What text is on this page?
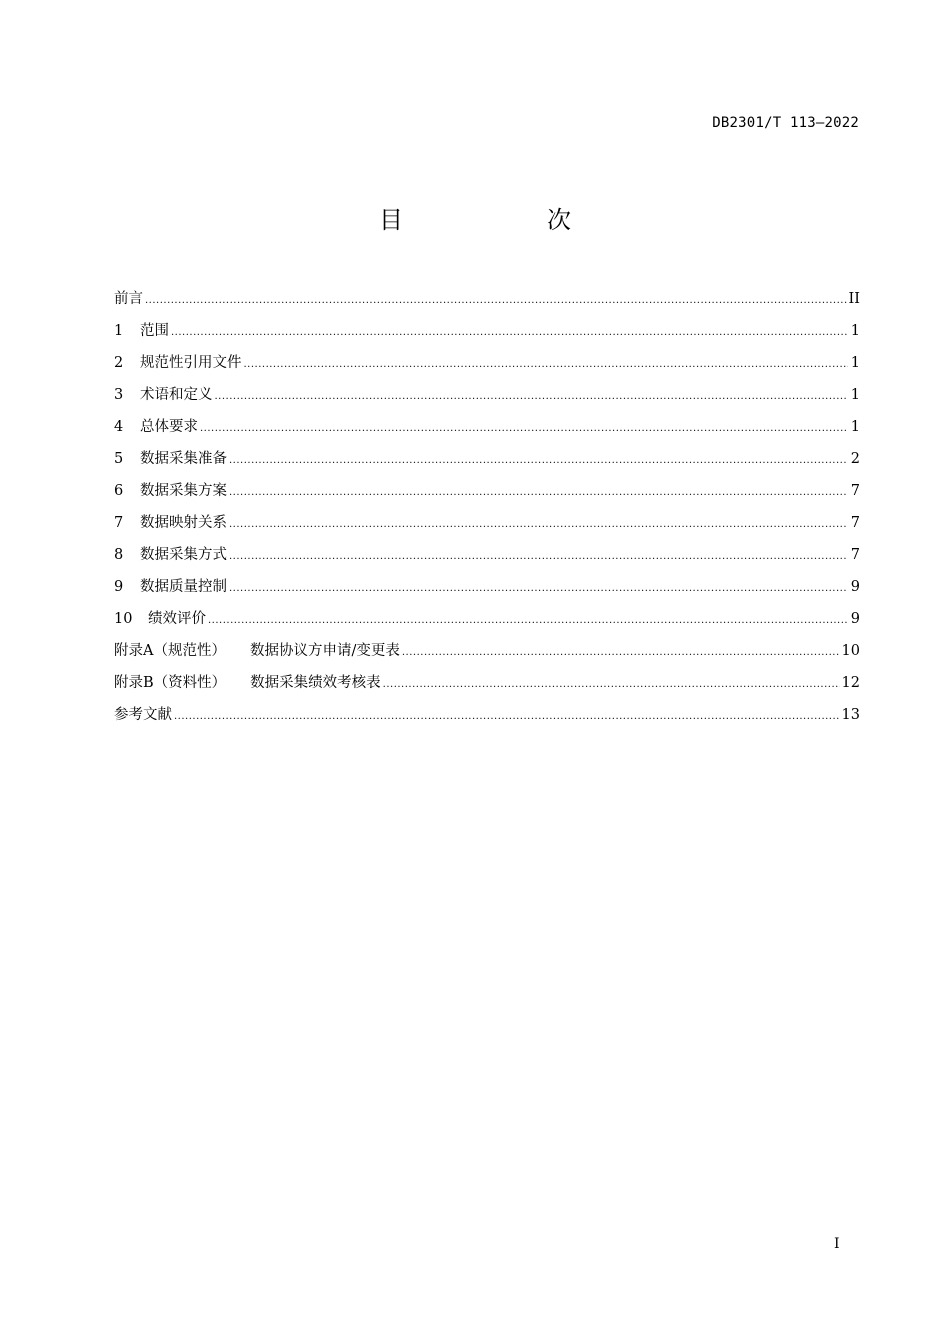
DB2301/T 113—2022
目　次
前言 .....	II
1	范围 .....	1
2	规范性引用文件 .....	1
3	术语和定义 .....	1
4	总体要求 .....	1
5	数据采集准备 .....	2
6	数据采集方案 .....	7
7	数据映射关系 .....	7
8	数据采集方式 .....	7
9	数据质量控制 .....	9
10	绩效评价 .....	9
附录A（规范性） 数据协议方申请/变更表 .....	10
附录B（资料性） 数据采集绩效考核表 .....	12
参考文献 .....	13
I
